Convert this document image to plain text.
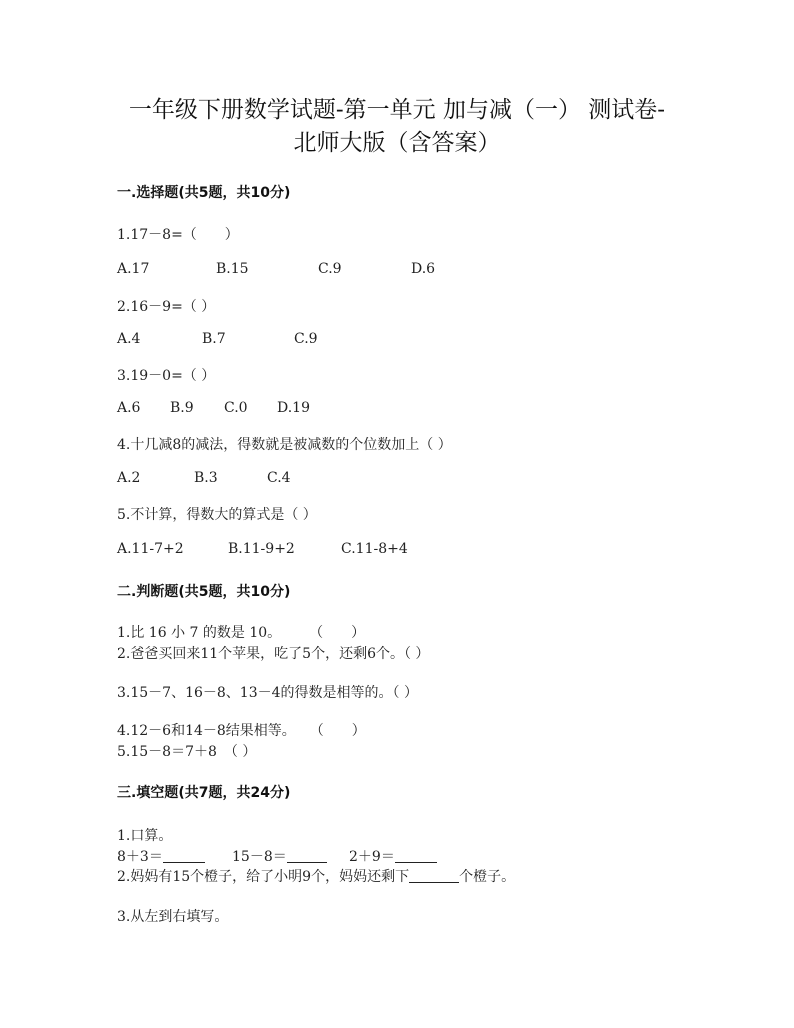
一年级下册数学试题-第一单元 加与减（一） 测试卷-
北师大版（含答案）
一.选择题(共5题，共10分)
1.17－8=（　　）
A.17	B.15	C.9	D.6
2.16－9=（ ）
A.4	B.7	C.9
3.19－0=（ ）
A.6 B.9 C.0 D.19
4.十几减8的减法，得数就是被减数的个位数加上（ ）
A.2	B.3	C.4
5.不计算，得数大的算式是（ ）
A.11-7+2	B.11-9+2	C.11-8+4
二.判断题(共5题，共10分)
1.比 16 小 7 的数是 10。　　　（　　）
2.爸爸买回来11个苹果，吃了5个，还剩6个。（ ）
3.15－7、16－8、13－4的得数是相等的。（ ）
4.12－6和14－8结果相等。　　（　　）
5.15－8＝7＋8　（ ）
三.填空题(共7题，共24分)
1.口算。
8＋3＝	15－8＝	2＋9＝
2.妈妈有15个橙子，给了小明9个，妈妈还剩下	个橙子。
3.从左到右填写。
